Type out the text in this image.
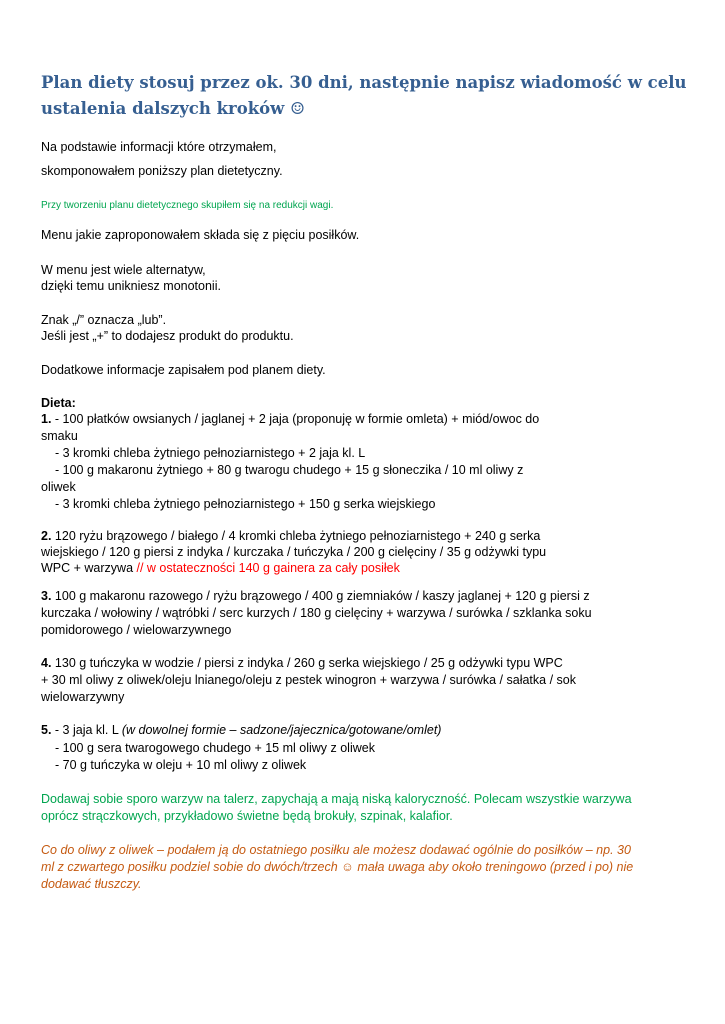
Plan diety stosuj przez ok. 30 dni, następnie napisz wiadomość w celu ustalenia dalszych kroków ☺
Na podstawie informacji które otrzymałem,
skomponowałem poniższy plan dietetyczny.
Przy tworzeniu planu dietetycznego skupiłem się na redukcji wagi.
Menu jakie zaproponowałem składa się z pięciu posiłków.
W menu jest wiele alternatyw,
dzięki temu unikniesz monotonii.
Znak „/” oznacza „lub”.
Jeśli jest „+” to dodajesz produkt do produktu.
Dodatkowe informacje zapisałem pod planem diety.
Dieta:
1. - 100 płatków owsianych / jaglanej + 2 jaja (proponuję w formie omleta) + miód/owoc do
smaku
- 3 kromki chleba żytniego pełnoziarnistego + 2 jaja kl. L
- 100 g makaronu żytniego + 80 g twarogu chudego + 15 g słoneczika / 10 ml oliwy z
oliwek
- 3 kromki chleba żytniego pełnoziarnistego + 150 g serka wiejskiego
2. 120 ryżu brązowego / białego / 4 kromki chleba żytniego pełnoziarnistego + 240 g serka
wiejskiego / 120 g piersi z indyka / kurczaka / tuńczyka / 200 g cielęciny / 35 g odżywki typu
WPC + warzywa // w ostateczności 140 g gainera za cały posiłek
3. 100 g makaronu razowego / ryżu brązowego / 400 g ziemniaków / kaszy jaglanej + 120 g piersi z
kurczaka / wołowiny / wątróbki / serc kurzych / 180 g cielęciny + warzywa / surówka / szklanka soku
pomidorowego / wielowarzywnego
4. 130 g tuńczyka w wodzie / piersi z indyka / 260 g serka wiejskiego / 25 g odżywki typu WPC
+ 30 ml oliwy z oliwek/oleju lnianego/oleju z pestek winogron + warzywa / surówka / sałatka / sok
wielowarzywny
5. - 3 jaja kl. L (w dowolnej formie – sadzone/jajecznica/gotowane/omlet)
- 100 g sera twarogowego chudego + 15 ml oliwy z oliwek
- 70 g tuńczyka w oleju + 10 ml oliwy z oliwek
Dodawaj sobie sporo warzyw na talerz, zapychają a mają niską kaloryczność. Polecam wszystkie warzywa
oprócz strączkowych, przykładowo świetne będą brokuły, szpinak, kalafior.
Co do oliwy z oliwek – podałem ją do ostatniego posiłku ale możesz dodawać ogólnie do posiłków – np. 30
ml z czwartego posiłku podziel sobie do dwóch/trzech ☺ mała uwaga aby około treningowo (przed i po) nie
dodawać tłuszczy.
